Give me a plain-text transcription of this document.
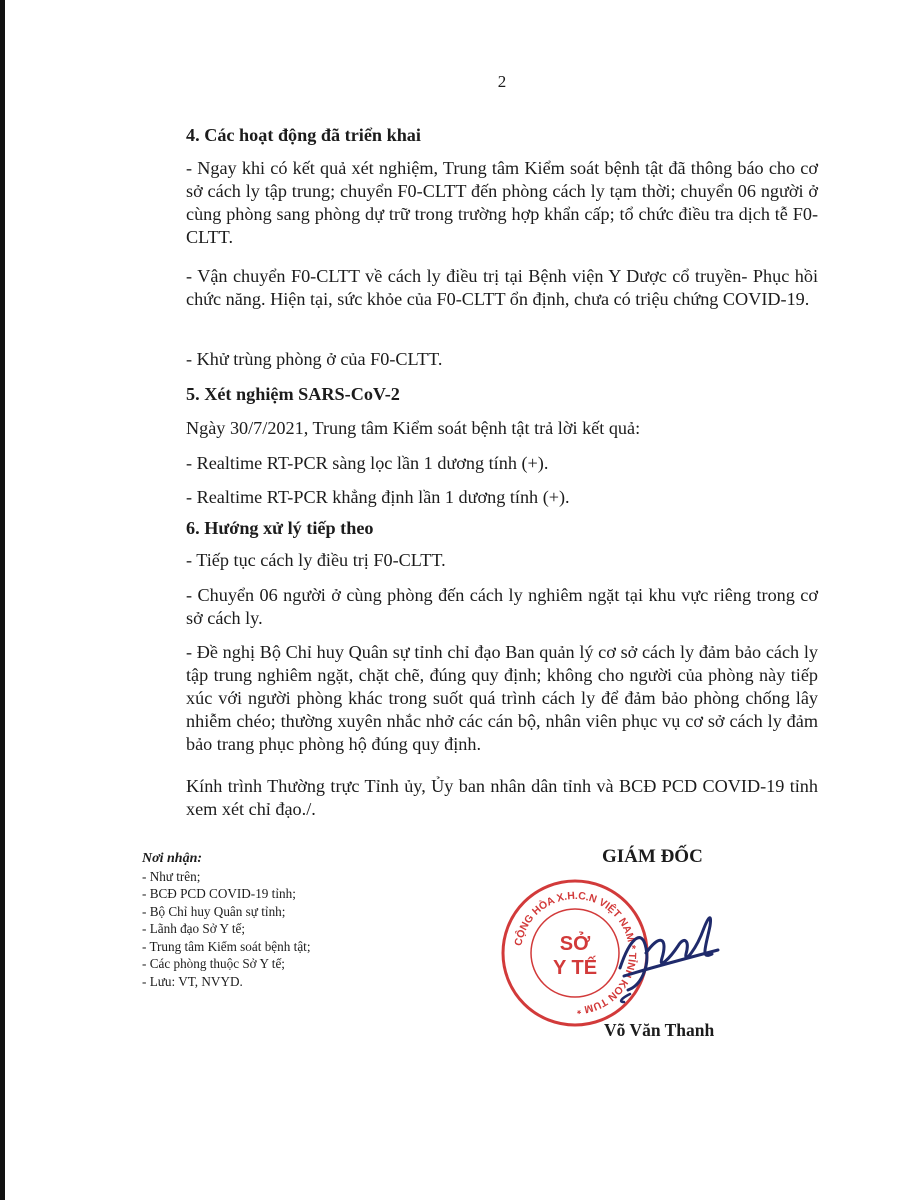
2

4. Các hoạt động đã triển khai

- Ngay khi có kết quả xét nghiệm, Trung tâm Kiểm soát bệnh tật đã thông báo cho cơ sở cách ly tập trung; chuyển F0-CLTT đến phòng cách ly tạm thời; chuyển 06 người ở cùng phòng sang phòng dự trữ trong trường hợp khẩn cấp; tổ chức điều tra dịch tễ F0-CLTT.

- Vận chuyển F0-CLTT về cách ly điều trị tại Bệnh viện Y Dược cổ truyền- Phục hồi chức năng. Hiện tại, sức khỏe của F0-CLTT ổn định, chưa có triệu chứng COVID-19.

- Khử trùng phòng ở của F0-CLTT.

5. Xét nghiệm SARS-CoV-2

Ngày 30/7/2021, Trung tâm Kiểm soát bệnh tật trả lời kết quả:

- Realtime RT-PCR sàng lọc lần 1 dương tính (+).

- Realtime RT-PCR khẳng định lần 1 dương tính (+).

6. Hướng xử lý tiếp theo

- Tiếp tục cách ly điều trị F0-CLTT.

- Chuyển 06 người ở cùng phòng đến cách ly nghiêm ngặt tại khu vực riêng trong cơ sở cách ly.

- Đề nghị Bộ Chỉ huy Quân sự tỉnh chỉ đạo Ban quản lý cơ sở cách ly đảm bảo cách ly tập trung nghiêm ngặt, chặt chẽ, đúng quy định; không cho người của phòng này tiếp xúc với người phòng khác trong suốt quá trình cách ly để đảm bảo phòng chống lây nhiễm chéo; thường xuyên nhắc nhở các cán bộ, nhân viên phục vụ cơ sở cách ly đảm bảo trang phục phòng hộ đúng quy định.

Kính trình Thường trực Tỉnh ủy, Ủy ban nhân dân tỉnh và BCĐ PCD COVID-19 tỉnh xem xét chỉ đạo./.

Nơi nhận:
- Như trên;
- BCĐ PCD COVID-19 tỉnh;
- Bộ Chỉ huy Quân sự tỉnh;
- Lãnh đạo Sở Y tế;
- Trung tâm Kiểm soát bệnh tật;
- Các phòng thuộc Sở Y tế;
- Lưu: VT, NVYD.
GIÁM ĐỐC
CỘNG HÒA X.H.C.N VIỆT NAM * TỈNH KON TUM *
SỞ
Y TẾ
Võ Văn Thanh
